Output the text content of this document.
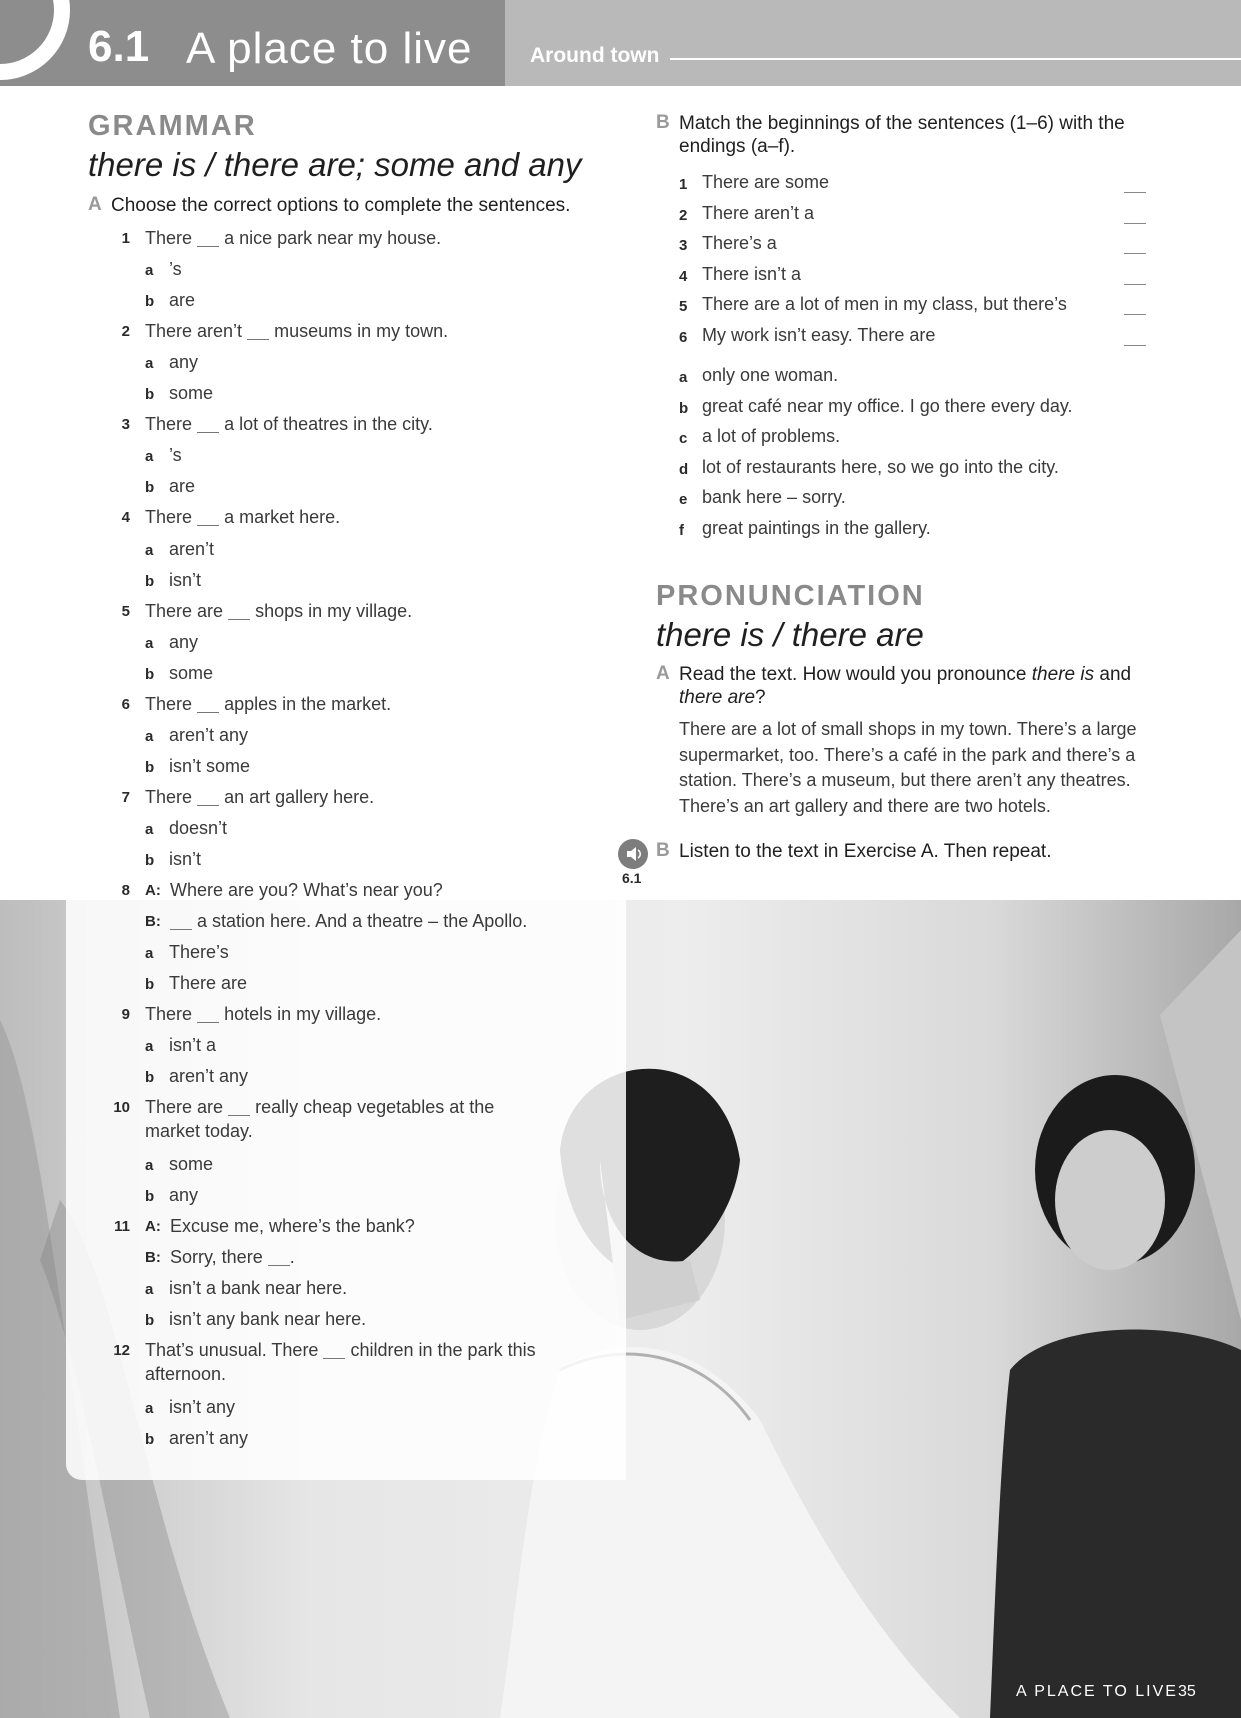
6.1 A place to live	Around town
GRAMMAR
there is / there are; some and any
A Choose the correct options to complete the sentences.
1 There a nice park near my house.
a ’s
b are
2 There aren’t museums in my town.
a any
b some
3 There a lot of theatres in the city.
a ’s
b are
4 There a market here.
a aren’t
b isn’t
5 There are shops in my village.
a any
b some
6 There apples in the market.
a aren’t any
b isn’t some
7 There an art gallery here.
a doesn’t
b isn’t
8 A: Where are you? What’s near you?
B:	a station here. And a theatre – the Apollo.
a There’s
b There are
9 There hotels in my village.
a isn’t a
b aren’t any
10 There are really cheap vegetables at the
market today.
a some
b any
11 A: Excuse me, where’s the bank?
B: Sorry, there .
a isn’t a bank near here.
b isn’t any bank near here.
12 That’s unusual. There children in the park this
afternoon.
a isn’t any
b aren’t any
B Match the beginnings of the sentences (1–6) with the
endings (a–f).
1 There are some
2 There aren’t a
3 There’s a
4 There isn’t a
5 There are a lot of men in my class, but there’s
6 My work isn’t easy. There are
a only one woman.
b great café near my office. I go there every day.
c a lot of problems.
d lot of restaurants here, so we go into the city.
e bank here – sorry.
f great paintings in the gallery.
PRONUNCIATION
there is / there are
A Read the text. How would you pronounce there is and
there are?
There are a lot of small shops in my town. There’s a large
supermarket, too. There’s a café in the park and there’s a
station. There’s a museum, but there aren’t any theatres.
There’s an art gallery and there are two hotels.
6.1
B Listen to the text in Exercise A. Then repeat.
A PLACE TO LIVE 35
